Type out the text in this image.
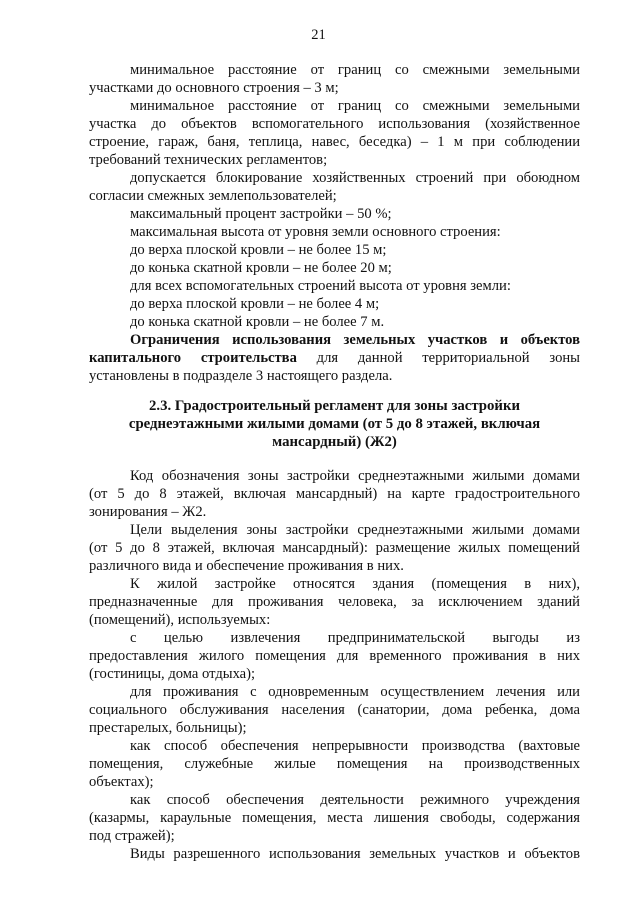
21
минимальное расстояние от границ со смежными земельными
участками до основного строения – 3 м;
минимальное расстояние от границ со смежными земельными
участка до объектов вспомогательного использования (хозяйственное
строение, гараж, баня, теплица, навес, беседка) – 1 м при соблюдении
требований технических регламентов;
допускается блокирование хозяйственных строений при обоюдном
согласии смежных землепользователей;
максимальный процент застройки – 50 %;
максимальная высота от уровня земли основного строения:
до верха плоской кровли – не более 15 м;
до конька скатной кровли – не более 20 м;
для всех вспомогательных строений высота от уровня земли:
до верха плоской кровли – не более 4 м;
до конька скатной кровли – не более 7 м.
Ограничения использования земельных участков и объектов
капитального строительства для данной территориальной зоны
установлены в подразделе 3 настоящего раздела.
2.3. Градостроительный регламент для зоны застройки
среднеэтажными жилыми домами (от 5 до 8 этажей, включая
мансардный) (Ж2)
Код обозначения зоны застройки среднеэтажными жилыми домами
(от 5 до 8 этажей, включая мансардный) на карте градостроительного
зонирования – Ж2.
Цели выделения зоны застройки среднеэтажными жилыми домами
(от 5 до 8 этажей, включая мансардный): размещение жилых помещений
различного вида и обеспечение проживания в них.
К жилой застройке относятся здания (помещения в них),
предназначенные для проживания человека, за исключением зданий
(помещений), используемых:
с целью извлечения предпринимательской выгоды из
предоставления жилого помещения для временного проживания в них
(гостиницы, дома отдыха);
для проживания с одновременным осуществлением лечения или
социального обслуживания населения (санатории, дома ребенка, дома
престарелых, больницы);
как способ обеспечения непрерывности производства (вахтовые
помещения, служебные жилые помещения на производственных
объектах);
как способ обеспечения деятельности режимного учреждения
(казармы, караульные помещения, места лишения свободы, содержания
под стражей);
Виды разрешенного использования земельных участков и объектов
